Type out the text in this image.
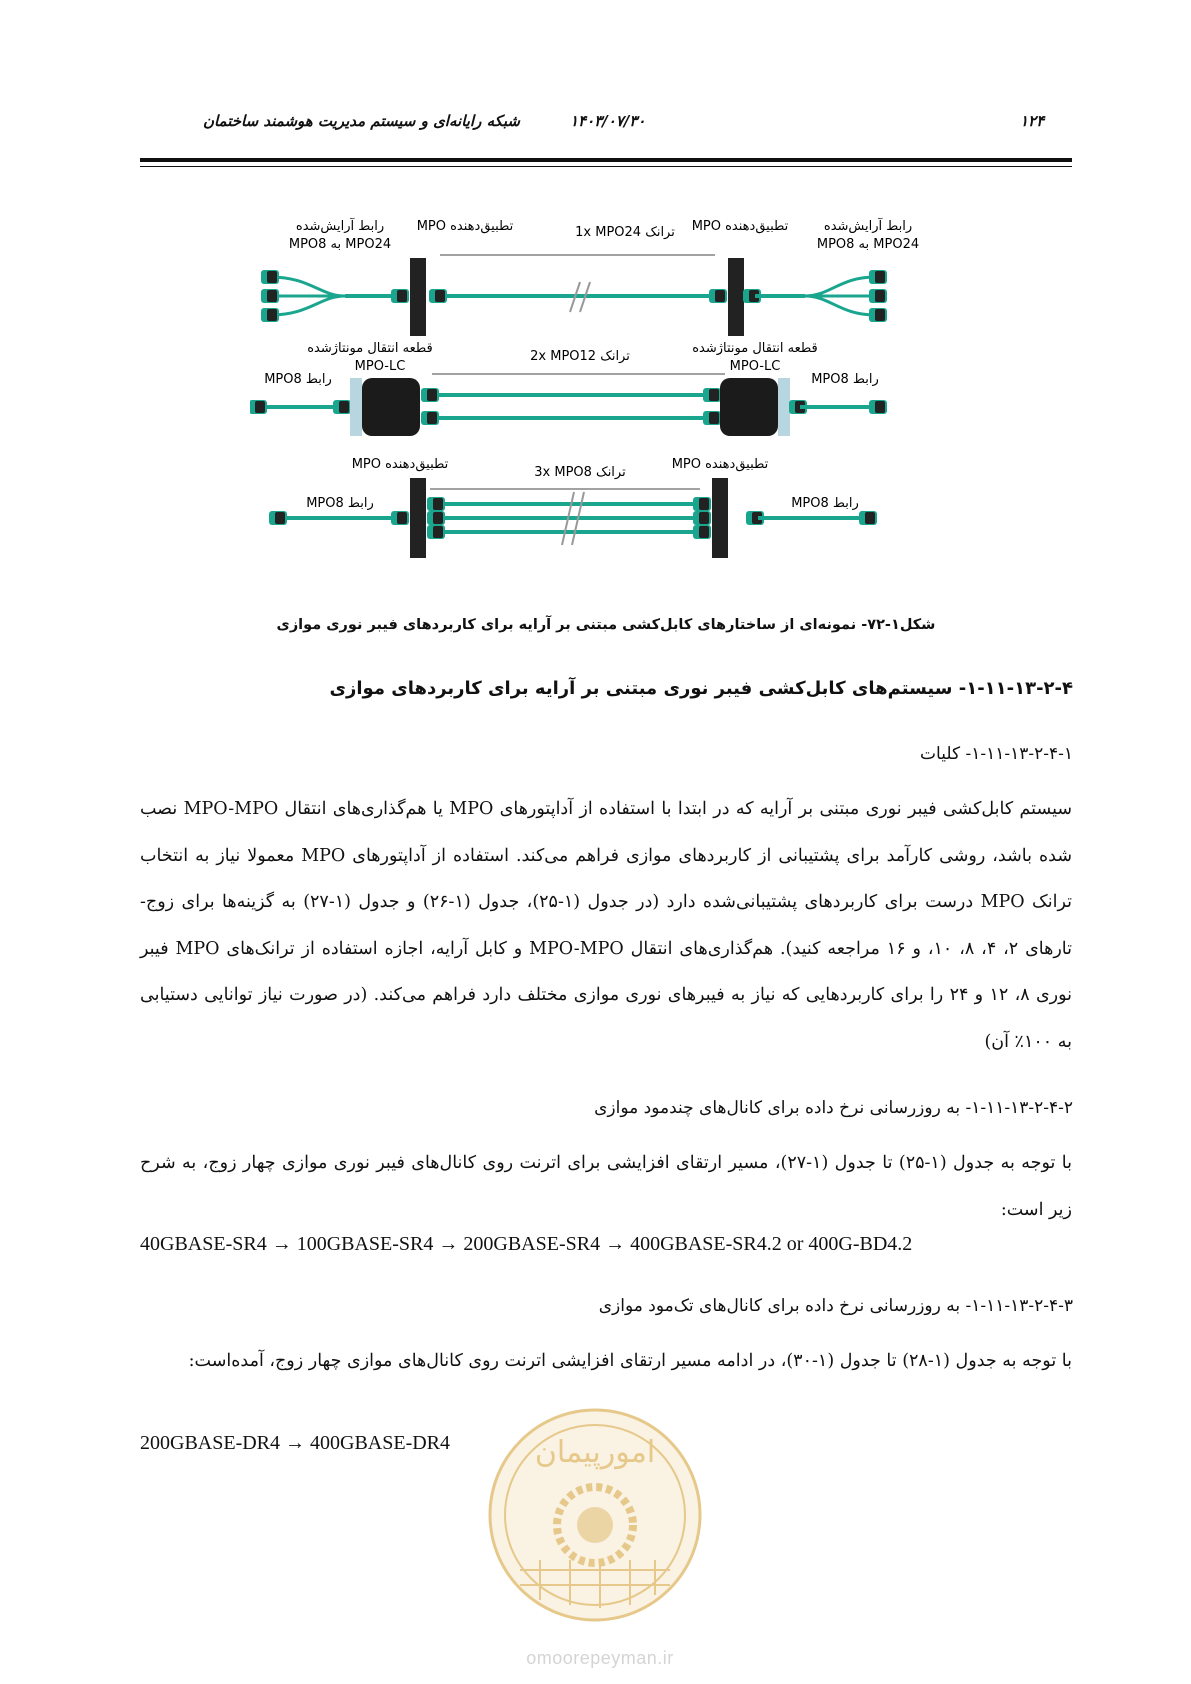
۱۲۴
۱۴۰۳/۰۷/۳۰
شبکه رایانه‌ای و سیستم مدیریت هوشمند ساختمان
رابط آرایش‌شده
MPO24 به MPO8
تطبیق‌دهنده MPO	ترانک 1x MPO24 تطبیق‌دهنده MPO	رابط آرایش‌شده
MPO24 به MPO8
قطعه انتقال مونتاژشده
MPO-LC
رابط MPO8
ترانک 2x MPO12
قطعه انتقال مونتاژشده
MPO-LC
رابط MPO8
تطبیق‌دهنده MPO
رابط MPO8
ترانک 3x MPO8
تطبیق‌دهنده MPO
رابط MPO8
شکل۱-۷۲- نمونه‌ای از ساختارهای کابل‌کشی مبتنی بر آرایه برای کاربردهای فیبر نوری موازی
امورپیمان
omoorepeyman.ir
۱-۱۱-۱۳-۲-۴- سیستم‌های کابل‌کشی فیبر نوری مبتنی بر آرایه برای کاربردهای موازی
۱-۱۱-۱۳-۲-۴-۱- کلیات
سیستم کابل‌کشی فیبر نوری مبتنی بر آرایه که در ابتدا با استفاده از آداپتورهای MPO یا هم‌گذاری‌های انتقال MPO-MPO نصب شده باشد، روشی کارآمد برای پشتیبانی از کاربردهای موازی فراهم می‌کند. استفاده از آداپتورهای MPO معمولا نیاز به انتخاب ترانک MPO درست برای کاربردهای پشتیبانی‌شده دارد (در جدول (۱-۲۵)، جدول (۱-۲۶) و جدول (۱-۲۷) به گزینه‌ها برای زوج-تارهای ۲، ۴، ۸، ۱۰، و ۱۶ مراجعه کنید). هم‌گذاری‌های انتقال MPO-MPO و کابل آرایه، اجازه استفاده از ترانک‌های MPO فیبر نوری ۸، ۱۲ و ۲۴ را برای کاربردهایی که نیاز به فیبرهای نوری موازی مختلف دارد فراهم می‌کند. (در صورت نیاز توانایی دستیابی به ۱۰۰٪ آن)
۱-۱۱-۱۳-۲-۴-۲- به روزرسانی نرخ داده برای کانال‌های چندمود موازی
با توجه به جدول (۱-۲۵) تا جدول (۱-۲۷)، مسیر ارتقای افزایشی برای اترنت روی کانال‌های فیبر نوری موازی چهار زوج، به شرح زیر است:
40GBASE-SR4 → 100GBASE-SR4 → 200GBASE-SR4 → 400GBASE-SR4.2 or 400G-BD4.2
۱-۱۱-۱۳-۲-۴-۳- به روزرسانی نرخ داده برای کانال‌های تک‌مود موازی
با توجه به جدول (۱-۲۸) تا جدول (۱-۳۰)، در ادامه مسیر ارتقای افزایشی اترنت روی کانال‌های موازی چهار زوج، آمده‌است:
200GBASE-DR4 → 400GBASE-DR4
